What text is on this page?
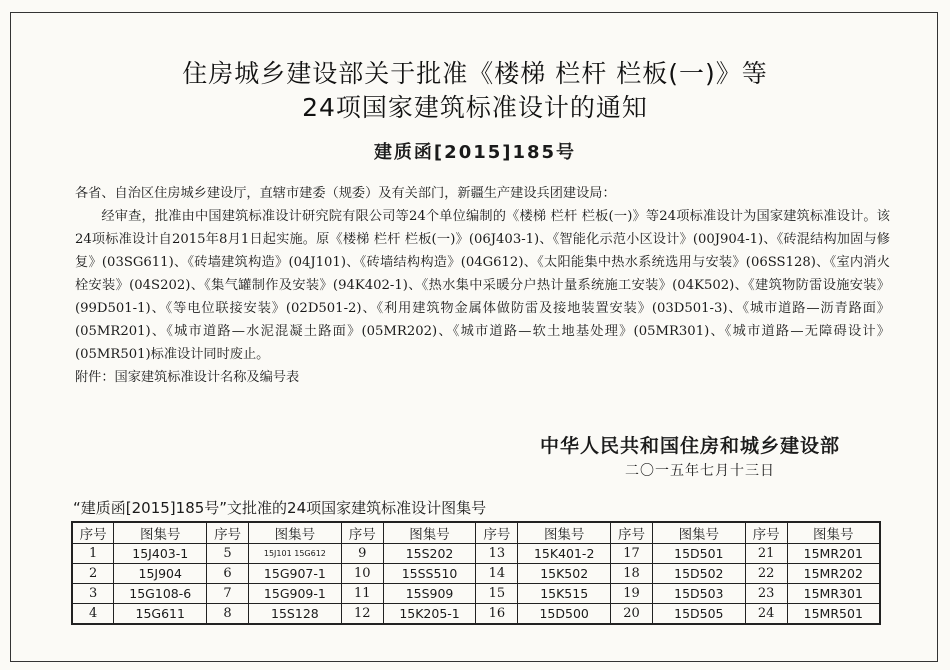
住房城乡建设部关于批准《楼梯 栏杆 栏板(一)》等
24项国家建筑标准设计的通知
建质函[2015]185号

各省、自治区住房城乡建设厅，直辖市建委（规委）及有关部门，新疆生产建设兵团建设局：

经审查，批准由中国建筑标准设计研究院有限公司等24个单位编制的《楼梯 栏杆 栏板(一)》等24项标准设计为国家建筑标准设计。该24项标准设计自2015年8月1日起实施。原《楼梯 栏杆 栏板(一)》(06J403-1)、《智能化示范小区设计》(00J904-1)、《砖混结构加固与修复》(03SG611)、《砖墙建筑构造》(04J101)、《砖墙结构构造》(04G612)、《太阳能集中热水系统选用与安装》(06SS128)、《室内消火栓安装》(04S202)、《集气罐制作及安装》(94K402-1)、《热水集中采暖分户热计量系统施工安装》(04K502)、《建筑物防雷设施安装》(99D501-1)、《等电位联接安装》(02D501-2)、《利用建筑物金属体做防雷及接地装置安装》(03D501-3)、《城市道路—沥青路面》(05MR201)、《城市道路—水泥混凝土路面》(05MR202)、《城市道路—软土地基处理》(05MR301)、《城市道路—无障碍设计》(05MR501)标准设计同时废止。

附件：国家建筑标准设计名称及编号表

中华人民共和国住房和城乡建设部
二〇一五年七月十三日
“建质函[2015]185号”文批准的24项国家建筑标准设计图集号
序号	图集号	序号	图集号	序号	图集号	序号	图集号	序号	图集号	序号	图集号
1	15J403-1	5	15J101 15G612	9	15S202	13	15K401-2	17	15D501	21	15MR201
2	15J904	6	15G907-1	10	15SS510	14	15K502	18	15D502	22	15MR202
3	15G108-6	7	15G909-1	11	15S909	15	15K515	19	15D503	23	15MR301
4	15G611	8	15S128	12	15K205-1	16	15D500	20	15D505	24	15MR501
